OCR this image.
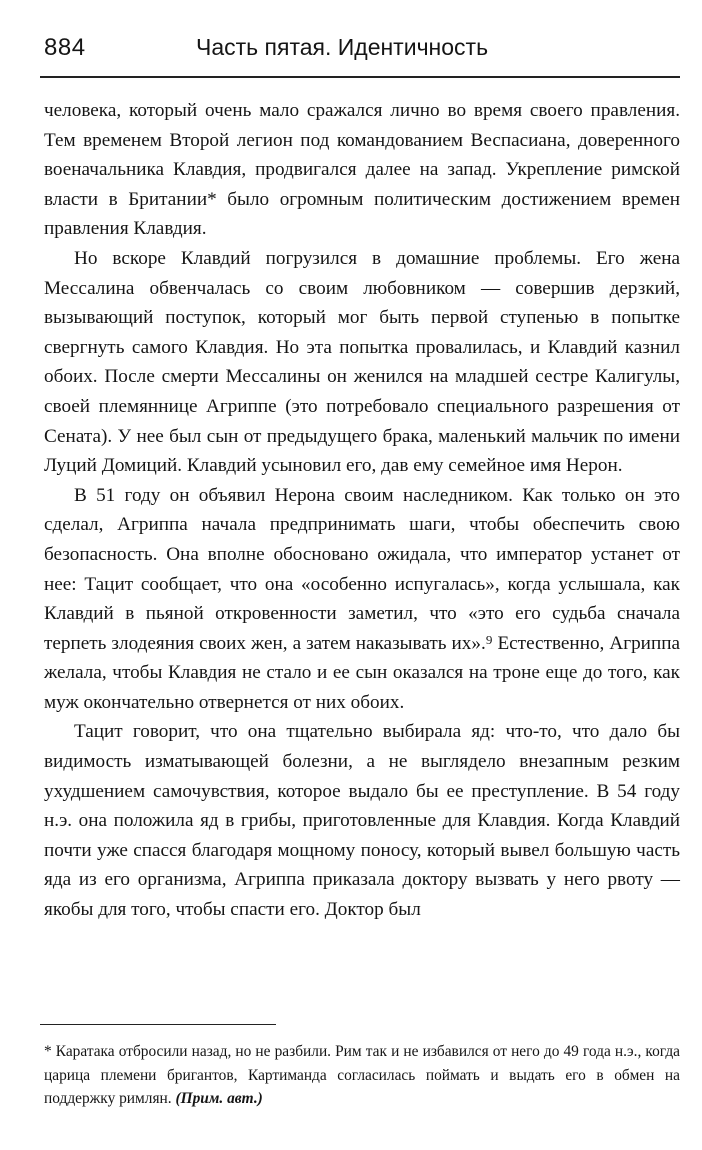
884	Часть пятая. Идентичность

человека, который очень мало сражался лично во время своего правления. Тем временем Второй легион под командованием Веспасиана, доверенного военачальника Клавдия, продвигался далее на запад. Укрепление римской власти в Британии* было огромным политическим достижением времен правления Клавдия.

Но вскоре Клавдий погрузился в домашние проблемы. Его жена Мессалина обвенчалась со своим любовником — совершив дерзкий, вызывающий поступок, который мог быть первой ступенью в попытке свергнуть самого Клавдия. Но эта попытка провалилась, и Клавдий казнил обоих. После смерти Мессалины он женился на младшей сестре Калигулы, своей племяннице Агриппе (это потребовало специального разрешения от Сената). У нее был сын от предыдущего брака, маленький мальчик по имени Луций Домиций. Клавдий усыновил его, дав ему семейное имя Нерон.

В 51 году он объявил Нерона своим наследником. Как только он это сделал, Агриппа начала предпринимать шаги, чтобы обеспечить свою безопасность. Она вполне обосновано ожидала, что император устанет от нее: Тацит сообщает, что она «особенно испугалась», когда услышала, как Клавдий в пьяной откровенности заметил, что «это его судьба сначала терпеть злодеяния своих жен, а затем наказывать их».⁹ Естественно, Агриппа желала, чтобы Клавдия не стало и ее сын оказался на троне еще до того, как муж окончательно отвернется от них обоих.

Тацит говорит, что она тщательно выбирала яд: что-то, что дало бы видимость изматывающей болезни, а не выглядело внезапным резким ухудшением самочувствия, которое выдало бы ее преступление. В 54 году н.э. она положила яд в грибы, приготовленные для Клавдия. Когда Клавдий почти уже спасся благодаря мощному поносу, который вывел большую часть яда из его организма, Агриппа приказала доктору вызвать у него рвоту — якобы для того, чтобы спасти его. Доктор был

* Каратака отбросили назад, но не разбили. Рим так и не избавился от него до 49 года н.э., когда царица племени бригантов, Картиманда согласилась поймать и выдать его в обмен на поддержку римлян. (Прим. авт.)
